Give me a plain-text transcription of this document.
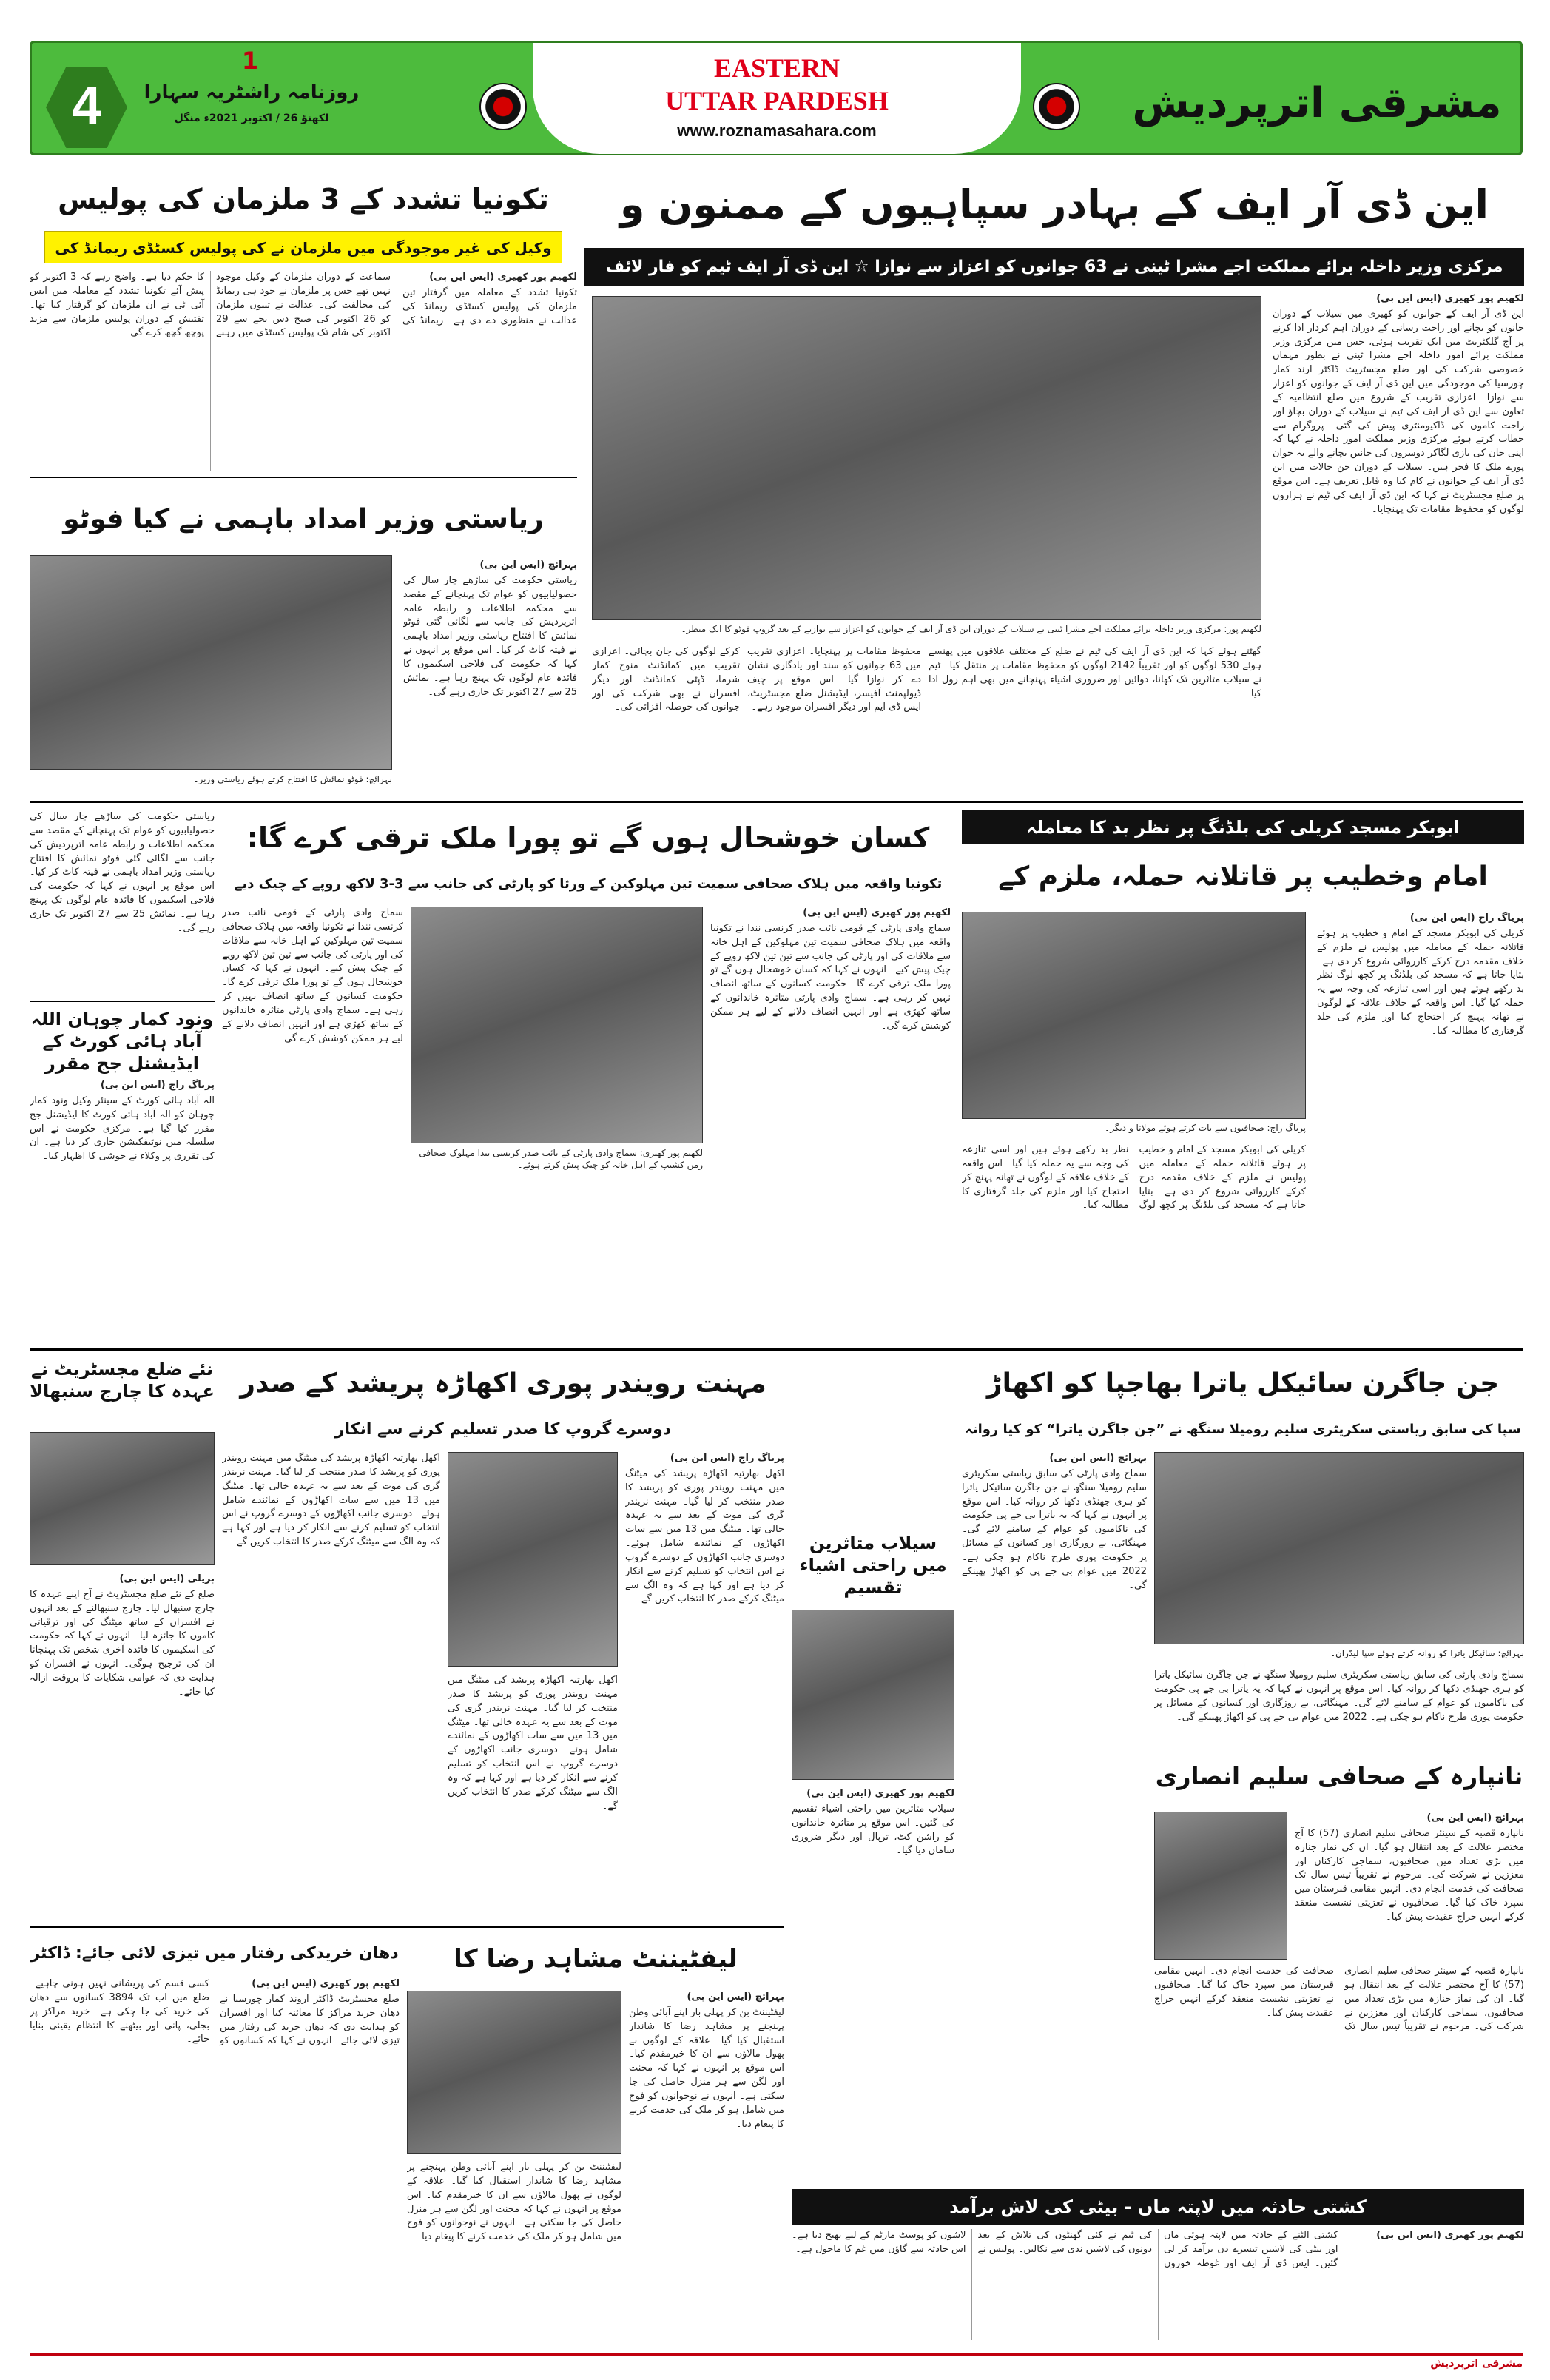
4
1
روزنامہ راشٹریہ سہارا
لکھنؤ 26 / اکتوبر 2021ء منگل
EASTERN
UTTAR PARDESH
www.roznamasahara.com
مشرقی اترپردیش
این ڈی آر ایف کے بہادر سپاہیوں کے ممنون و
مرکزی وزیر داخلہ برائے مملکت اجے مشرا ٹینی نے 63 جوانوں کو اعزاز سے نوازا ☆ این ڈی آر ایف ٹیم کو فار لائف
لکھیم پور کھیری (ایس این بی)
این ڈی آر ایف کے جوانوں کو کھیری میں سیلاب کے دوران جانوں کو بچانے اور راحت رسانی کے دوران اہم کردار ادا کرنے پر آج گلکٹریٹ میں ایک تقریب ہوئی، جس میں مرکزی وزیر مملکت برائے امور داخلہ اجے مشرا ٹینی نے بطور مہمان خصوصی شرکت کی اور ضلع مجسٹریٹ ڈاکٹر ارند کمار چورسیا کی موجودگی میں این ڈی آر ایف کے جوانوں کو اعزاز سے نوازا۔ اعزازی تقریب کے شروع میں ضلع انتظامیہ کے تعاون سے این ڈی آر ایف کی ٹیم نے سیلاب کے دوران بچاؤ اور راحت کاموں کی ڈاکیومنٹری پیش کی گئی۔ پروگرام سے خطاب کرتے ہوئے مرکزی وزیر مملکت امور داخلہ نے کہا کہ اپنی جان کی بازی لگاکر دوسروں کی جانیں بچانے والے یہ جوان پورے ملک کا فخر ہیں۔ سیلاب کے دوران جن حالات میں این ڈی آر ایف کے جوانوں نے کام کیا وہ قابل تعریف ہے۔ اس موقع پر ضلع مجسٹریٹ نے کہا کہ این ڈی آر ایف کی ٹیم نے ہزاروں لوگوں کو محفوظ مقامات تک پہنچایا۔
لکھیم پور: مرکزی وزیر داخلہ برائے مملکت اجے مشرا ٹینی نے سیلاب کے دوران این ڈی آر ایف کے جوانوں کو اعزاز سے نوازنے کے بعد گروپ فوٹو کا ایک منظر۔
گھٹتے ہوئے کہا کہ این ڈی آر ایف کی ٹیم نے ضلع کے مختلف علاقوں میں پھنسے ہوئے 530 لوگوں کو اور تقریباً 2142 لوگوں کو محفوظ مقامات پر منتقل کیا۔ ٹیم نے سیلاب متاثرین تک کھانا، دوائیں اور ضروری اشیاء پہنچانے میں بھی اہم رول ادا کیا۔
محفوظ مقامات پر پہنچایا۔ اعزازی تقریب میں 63 جوانوں کو سند اور یادگاری نشان دے کر نوازا گیا۔ اس موقع پر چیف ڈیولپمنٹ آفیسر، ایڈیشنل ضلع مجسٹریٹ، ایس ڈی ایم اور دیگر افسران موجود رہے۔
کرکے لوگوں کی جان بچائی۔ اعزازی تقریب میں کمانڈنٹ منوج کمار شرما، ڈپٹی کمانڈنٹ اور دیگر افسران نے بھی شرکت کی اور جوانوں کی حوصلہ افزائی کی۔
تکونیا تشدد کے 3 ملزمان کی پولیس
وکیل کی غیر موجودگی میں ملزمان نے کی پولیس کسٹڈی ریمانڈ کی
لکھیم پور کھیری (ایس این بی)
تکونیا تشدد کے معاملہ میں گرفتار تین ملزمان کی پولیس کسٹڈی ریمانڈ کی عدالت نے منظوری دے دی ہے۔ ریمانڈ کی سماعت کے دوران ملزمان کے وکیل موجود نہیں تھے جس پر ملزمان نے خود ہی ریمانڈ کی مخالفت کی۔ عدالت نے تینوں ملزمان کو 26 اکتوبر کی صبح دس بجے سے 29 اکتوبر کی شام تک پولیس کسٹڈی میں رہنے کا حکم دیا ہے۔ واضح رہے کہ 3 اکتوبر کو پیش آئے تکونیا تشدد کے معاملہ میں ایس آئی ٹی نے ان ملزمان کو گرفتار کیا تھا۔ تفتیش کے دوران پولیس ملزمان سے مزید پوچھ گچھ کرے گی۔
ریاستی وزیر امداد باہمی نے کیا فوٹو
بہرائچ (ایس این بی)
ریاستی حکومت کی ساڑھے چار سال کی حصولیابیوں کو عوام تک پہنچانے کے مقصد سے محکمہ اطلاعات و رابطہ عامہ اترپردیش کی جانب سے لگائی گئی فوٹو نمائش کا افتتاح ریاستی وزیر امداد باہمی نے فیتہ کاٹ کر کیا۔ اس موقع پر انہوں نے کہا کہ حکومت کی فلاحی اسکیموں کا فائدہ عام لوگوں تک پہنچ رہا ہے۔ نمائش 25 سے 27 اکتوبر تک جاری رہے گی۔
بہرائچ: فوٹو نمائش کا افتتاح کرتے ہوئے ریاستی وزیر۔
ابوبکر مسجد کریلی کی بلڈنگ پر نظر بد کا معاملہ
امام وخطیب پر قاتلانہ حملہ، ملزم کے
پریاگ راج: صحافیوں سے بات کرتے ہوئے مولانا و دیگر۔
پریاگ راج (ایس این بی)
کریلی کی ابوبکر مسجد کے امام و خطیب پر ہوئے قاتلانہ حملہ کے معاملہ میں پولیس نے ملزم کے خلاف مقدمہ درج کرکے کارروائی شروع کر دی ہے۔ بتایا جاتا ہے کہ مسجد کی بلڈنگ پر کچھ لوگ نظر بد رکھے ہوئے ہیں اور اسی تنازعہ کی وجہ سے یہ حملہ کیا گیا۔ اس واقعہ کے خلاف علاقہ کے لوگوں نے تھانہ پہنچ کر احتجاج کیا اور ملزم کی جلد گرفتاری کا مطالبہ کیا۔
کریلی کی ابوبکر مسجد کے امام و خطیب پر ہوئے قاتلانہ حملہ کے معاملہ میں پولیس نے ملزم کے خلاف مقدمہ درج کرکے کارروائی شروع کر دی ہے۔ بتایا جاتا ہے کہ مسجد کی بلڈنگ پر کچھ لوگ نظر بد رکھے ہوئے ہیں اور اسی تنازعہ کی وجہ سے یہ حملہ کیا گیا۔ اس واقعہ کے خلاف علاقہ کے لوگوں نے تھانہ پہنچ کر احتجاج کیا اور ملزم کی جلد گرفتاری کا مطالبہ کیا۔
کسان خوشحال ہوں گے تو پورا ملک ترقی کرے گا:
تکونیا واقعہ میں ہلاک صحافی سمیت تین مہلوکین کے ورثا کو پارٹی کی جانب سے 3-3 لاکھ روپے کے چیک دیے
لکھیم پور کھیری (ایس این بی)
سماج وادی پارٹی کے قومی نائب صدر کرنسی نندا نے تکونیا واقعہ میں ہلاک صحافی سمیت تین مہلوکین کے اہل خانہ سے ملاقات کی اور پارٹی کی جانب سے تین تین لاکھ روپے کے چیک پیش کیے۔ انہوں نے کہا کہ کسان خوشحال ہوں گے تو پورا ملک ترقی کرے گا۔ حکومت کسانوں کے ساتھ انصاف نہیں کر رہی ہے۔ سماج وادی پارٹی متاثرہ خاندانوں کے ساتھ کھڑی ہے اور انہیں انصاف دلانے کے لیے ہر ممکن کوشش کرے گی۔
لکھیم پور کھیری: سماج وادی پارٹی کے نائب صدر کرنسی نندا مہلوک صحافی رمن کشیپ کے اہل خانہ کو چیک پیش کرتے ہوئے۔
سماج وادی پارٹی کے قومی نائب صدر کرنسی نندا نے تکونیا واقعہ میں ہلاک صحافی سمیت تین مہلوکین کے اہل خانہ سے ملاقات کی اور پارٹی کی جانب سے تین تین لاکھ روپے کے چیک پیش کیے۔ انہوں نے کہا کہ کسان خوشحال ہوں گے تو پورا ملک ترقی کرے گا۔ حکومت کسانوں کے ساتھ انصاف نہیں کر رہی ہے۔ سماج وادی پارٹی متاثرہ خاندانوں کے ساتھ کھڑی ہے اور انہیں انصاف دلانے کے لیے ہر ممکن کوشش کرے گی۔
ریاستی حکومت کی ساڑھے چار سال کی حصولیابیوں کو عوام تک پہنچانے کے مقصد سے محکمہ اطلاعات و رابطہ عامہ اترپردیش کی جانب سے لگائی گئی فوٹو نمائش کا افتتاح ریاستی وزیر امداد باہمی نے فیتہ کاٹ کر کیا۔ اس موقع پر انہوں نے کہا کہ حکومت کی فلاحی اسکیموں کا فائدہ عام لوگوں تک پہنچ رہا ہے۔ نمائش 25 سے 27 اکتوبر تک جاری رہے گی۔
ونود کمار چوہان اللہ آباد ہائی کورٹ کے ایڈیشنل جج مقرر
پریاگ راج (ایس این بی)
الہ آباد ہائی کورٹ کے سینئر وکیل ونود کمار چوہان کو الہ آباد ہائی کورٹ کا ایڈیشنل جج مقرر کیا گیا ہے۔ مرکزی حکومت نے اس سلسلہ میں نوٹیفکیشن جاری کر دیا ہے۔ ان کی تقرری پر وکلاء نے خوشی کا اظہار کیا۔
نئے ضلع مجسٹریٹ نے عہدہ کا چارج سنبھالا
بریلی (ایس این بی)
ضلع کے نئے ضلع مجسٹریٹ نے آج اپنے عہدہ کا چارج سنبھال لیا۔ چارج سنبھالنے کے بعد انہوں نے افسران کے ساتھ میٹنگ کی اور ترقیاتی کاموں کا جائزہ لیا۔ انہوں نے کہا کہ حکومت کی اسکیموں کا فائدہ آخری شخص تک پہنچانا ان کی ترجیح ہوگی۔ انہوں نے افسران کو ہدایت دی کہ عوامی شکایات کا بروقت ازالہ کیا جائے۔
مہنت رویندر پوری اکھاڑہ پریشد کے صدر
دوسرے گروپ کا صدر تسلیم کرنے سے انکار
پریاگ راج (ایس این بی)
اکھل بھارتیہ اکھاڑہ پریشد کی میٹنگ میں مہنت رویندر پوری کو پریشد کا صدر منتخب کر لیا گیا۔ مہنت نریندر گری کی موت کے بعد سے یہ عہدہ خالی تھا۔ میٹنگ میں 13 میں سے سات اکھاڑوں کے نمائندے شامل ہوئے۔ دوسری جانب اکھاڑوں کے دوسرے گروپ نے اس انتخاب کو تسلیم کرنے سے انکار کر دیا ہے اور کہا ہے کہ وہ الگ سے میٹنگ کرکے صدر کا انتخاب کریں گے۔
اکھل بھارتیہ اکھاڑہ پریشد کی میٹنگ میں مہنت رویندر پوری کو پریشد کا صدر منتخب کر لیا گیا۔ مہنت نریندر گری کی موت کے بعد سے یہ عہدہ خالی تھا۔ میٹنگ میں 13 میں سے سات اکھاڑوں کے نمائندے شامل ہوئے۔ دوسری جانب اکھاڑوں کے دوسرے گروپ نے اس انتخاب کو تسلیم کرنے سے انکار کر دیا ہے اور کہا ہے کہ وہ الگ سے میٹنگ کرکے صدر کا انتخاب کریں گے۔
اکھل بھارتیہ اکھاڑہ پریشد کی میٹنگ میں مہنت رویندر پوری کو پریشد کا صدر منتخب کر لیا گیا۔ مہنت نریندر گری کی موت کے بعد سے یہ عہدہ خالی تھا۔ میٹنگ میں 13 میں سے سات اکھاڑوں کے نمائندے شامل ہوئے۔ دوسری جانب اکھاڑوں کے دوسرے گروپ نے اس انتخاب کو تسلیم کرنے سے انکار کر دیا ہے اور کہا ہے کہ وہ الگ سے میٹنگ کرکے صدر کا انتخاب کریں گے۔	سیلاب متاثرین میں راحتی اشیاء تقسیم
لکھیم پور کھیری (ایس این بی)
سیلاب متاثرین میں راحتی اشیاء تقسیم کی گئیں۔ اس موقع پر متاثرہ خاندانوں کو راشن کٹ، ترپال اور دیگر ضروری سامان دیا گیا۔
جن جاگرن سائیکل یاترا بھاجپا کو اکھاڑ
سپا کی سابق ریاستی سکریٹری سلیم رومیلا سنگھ نے ”جن جاگرن یاترا“ کو کیا روانہ
بہرائچ: سائیکل یاترا کو روانہ کرتے ہوئے سپا لیڈران۔
بہرائچ (ایس این بی)
سماج وادی پارٹی کی سابق ریاستی سکریٹری سلیم رومیلا سنگھ نے جن جاگرن سائیکل یاترا کو ہری جھنڈی دکھا کر روانہ کیا۔ اس موقع پر انہوں نے کہا کہ یہ یاترا بی جے پی حکومت کی ناکامیوں کو عوام کے سامنے لائے گی۔ مہنگائی، بے روزگاری اور کسانوں کے مسائل پر حکومت پوری طرح ناکام ہو چکی ہے۔ 2022 میں عوام بی جے پی کو اکھاڑ پھینکے گی۔
سماج وادی پارٹی کی سابق ریاستی سکریٹری سلیم رومیلا سنگھ نے جن جاگرن سائیکل یاترا کو ہری جھنڈی دکھا کر روانہ کیا۔ اس موقع پر انہوں نے کہا کہ یہ یاترا بی جے پی حکومت کی ناکامیوں کو عوام کے سامنے لائے گی۔ مہنگائی، بے روزگاری اور کسانوں کے مسائل پر حکومت پوری طرح ناکام ہو چکی ہے۔ 2022 میں عوام بی جے پی کو اکھاڑ پھینکے گی۔
نانپارہ کے صحافی سلیم انصاری
بہرائچ (ایس این بی)
نانپارہ قصبہ کے سینئر صحافی سلیم انصاری (57) کا آج مختصر علالت کے بعد انتقال ہو گیا۔ ان کی نماز جنازہ میں بڑی تعداد میں صحافیوں، سماجی کارکنان اور معززین نے شرکت کی۔ مرحوم نے تقریباً تیس سال تک صحافت کی خدمت انجام دی۔ انہیں مقامی قبرستان میں سپرد خاک کیا گیا۔ صحافیوں نے تعزیتی نشست منعقد کرکے انہیں خراج عقیدت پیش کیا۔
نانپارہ قصبہ کے سینئر صحافی سلیم انصاری (57) کا آج مختصر علالت کے بعد انتقال ہو گیا۔ ان کی نماز جنازہ میں بڑی تعداد میں صحافیوں، سماجی کارکنان اور معززین نے شرکت کی۔ مرحوم نے تقریباً تیس سال تک صحافت کی خدمت انجام دی۔ انہیں مقامی قبرستان میں سپرد خاک کیا گیا۔ صحافیوں نے تعزیتی نشست منعقد کرکے انہیں خراج عقیدت پیش کیا۔
دھان خریدکی رفتار میں تیزی لائی جائے: ڈاکٹر
لکھیم پور کھیری (ایس این بی)
ضلع مجسٹریٹ ڈاکٹر اروند کمار چورسیا نے دھان خرید مراکز کا معائنہ کیا اور افسران کو ہدایت دی کہ دھان خرید کی رفتار میں تیزی لائی جائے۔ انہوں نے کہا کہ کسانوں کو کسی قسم کی پریشانی نہیں ہونی چاہیے۔ ضلع میں اب تک 3894 کسانوں سے دھان کی خرید کی جا چکی ہے۔ خرید مراکز پر بجلی، پانی اور بیٹھنے کا انتظام یقینی بنایا جائے۔
لیفٹیننٹ مشاہد رضا کا
بہرائچ (ایس این بی)
لیفٹیننٹ بن کر پہلی بار اپنے آبائی وطن پہنچنے پر مشاہد رضا کا شاندار استقبال کیا گیا۔ علاقہ کے لوگوں نے پھول مالاؤں سے ان کا خیرمقدم کیا۔ اس موقع پر انہوں نے کہا کہ محنت اور لگن سے ہر منزل حاصل کی جا سکتی ہے۔ انہوں نے نوجوانوں کو فوج میں شامل ہو کر ملک کی خدمت کرنے کا پیغام دیا۔
لیفٹیننٹ بن کر پہلی بار اپنے آبائی وطن پہنچنے پر مشاہد رضا کا شاندار استقبال کیا گیا۔ علاقہ کے لوگوں نے پھول مالاؤں سے ان کا خیرمقدم کیا۔ اس موقع پر انہوں نے کہا کہ محنت اور لگن سے ہر منزل حاصل کی جا سکتی ہے۔ انہوں نے نوجوانوں کو فوج میں شامل ہو کر ملک کی خدمت کرنے کا پیغام دیا۔
کشتی حادثہ میں لاپتہ ماں - بیٹی کی لاش برآمد
لکھیم پور کھیری (ایس این بی)
کشتی الٹنے کے حادثہ میں لاپتہ ہوئی ماں اور بیٹی کی لاشیں تیسرے دن برآمد کر لی گئیں۔ ایس ڈی آر ایف اور غوطہ خوروں کی ٹیم نے کئی گھنٹوں کی تلاش کے بعد دونوں کی لاشیں ندی سے نکالیں۔ پولیس نے لاشوں کو پوسٹ مارٹم کے لیے بھیج دیا ہے۔ اس حادثہ سے گاؤں میں غم کا ماحول ہے۔
مشرقی اترپردیش
